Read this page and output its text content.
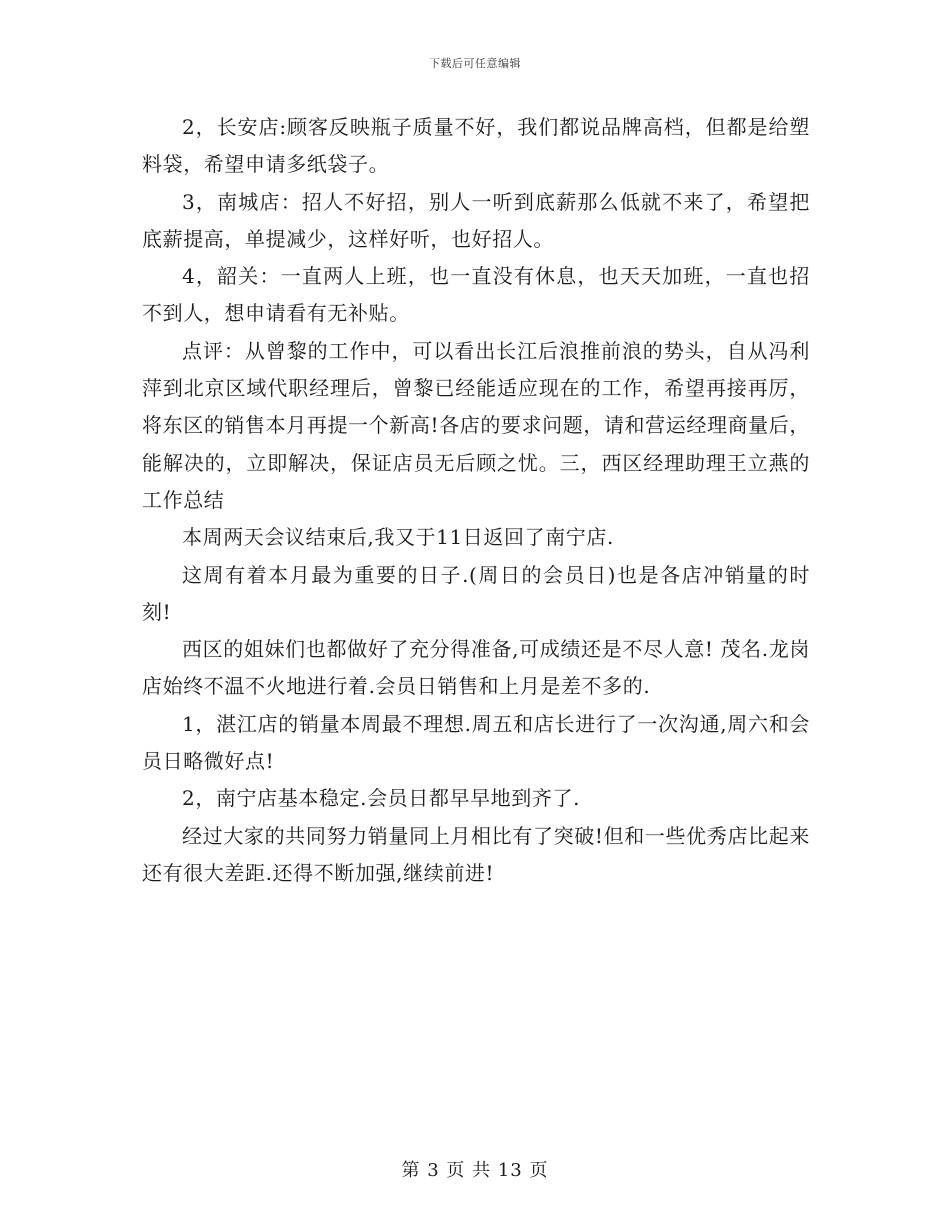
下载后可任意编辑

2，长安店:顾客反映瓶子质量不好，我们都说品牌高档，但都是给塑料袋，希望申请多纸袋子。

3，南城店：招人不好招，别人一听到底薪那么低就不来了，希望把底薪提高，单提减少，这样好听，也好招人。

4，韶关：一直两人上班，也一直没有休息，也天天加班，一直也招不到人，想申请看有无补贴。

点评：从曾黎的工作中，可以看出长江后浪推前浪的势头，自从冯利萍到北京区域代职经理后，曾黎已经能适应现在的工作，希望再接再厉，将东区的销售本月再提一个新高!各店的要求问题，请和营运经理商量后，能解决的，立即解决，保证店员无后顾之忧。三，西区经理助理王立燕的工作总结

本周两天会议结束后,我又于11日返回了南宁店.

这周有着本月最为重要的日子.(周日的会员日)也是各店冲销量的时刻!

西区的姐妹们也都做好了充分得准备,可成绩还是不尽人意! 茂名.龙岗店始终不温不火地进行着.会员日销售和上月是差不多的.

1，湛江店的销量本周最不理想.周五和店长进行了一次沟通,周六和会员日略微好点!

2，南宁店基本稳定.会员日都早早地到齐了.

经过大家的共同努力销量同上月相比有了突破!但和一些优秀店比起来还有很大差距.还得不断加强,继续前进!

第 3 页 共 13 页
